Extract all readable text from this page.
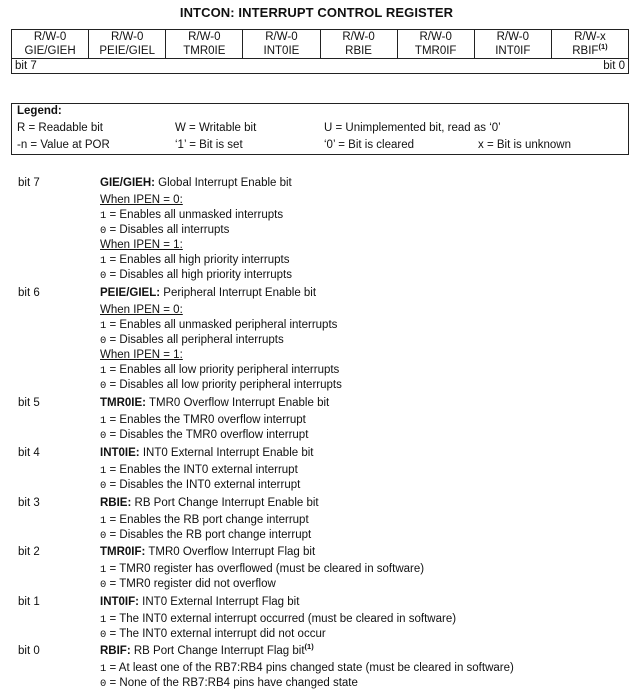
INTCON: INTERRUPT CONTROL REGISTER
R/W-0	R/W-0	R/W-0	R/W-0	R/W-0	R/W-0	R/W-0	R/W-x
GIE/GIEH	PEIE/GIEL	TMR0IE	INT0IE	RBIE	TMR0IF	INT0IF	RBIF$^{(1)}$

bit 7 bit 0							
Legend:
R = Readable bit	W = Writable bit	U = Unimplemented bit, read as ‘0’
-n = Value at POR	‘1’ = Bit is set	‘0’ = Bit is cleared	x = Bit is unknown
bit 7	GIE/GIEH: Global Interrupt Enable bit
When IPEN = 0:
1 = Enables all unmasked interrupts
0 = Disables all interrupts
When IPEN = 1:
1 = Enables all high priority interrupts
0 = Disables all high priority interrupts
bit 6	PEIE/GIEL: Peripheral Interrupt Enable bit
When IPEN = 0:
1 = Enables all unmasked peripheral interrupts
0 = Disables all peripheral interrupts
When IPEN = 1:
1 = Enables all low priority peripheral interrupts
0 = Disables all low priority peripheral interrupts
bit 5	TMR0IE: TMR0 Overflow Interrupt Enable bit
1 = Enables the TMR0 overflow interrupt
0 = Disables the TMR0 overflow interrupt
bit 4	INT0IE: INT0 External Interrupt Enable bit
1 = Enables the INT0 external interrupt
0 = Disables the INT0 external interrupt
bit 3	RBIE: RB Port Change Interrupt Enable bit
1 = Enables the RB port change interrupt
0 = Disables the RB port change interrupt
bit 2	TMR0IF: TMR0 Overflow Interrupt Flag bit
1 = TMR0 register has overflowed (must be cleared in software)
0 = TMR0 register did not overflow
bit 1	INT0IF: INT0 External Interrupt Flag bit
1 = The INT0 external interrupt occurred (must be cleared in software)
0 = The INT0 external interrupt did not occur
bit 0	RBIF: RB Port Change Interrupt Flag bit$^{(1)}$
1 = At least one of the RB7:RB4 pins changed state (must be cleared in software)
0 = None of the RB7:RB4 pins have changed state
